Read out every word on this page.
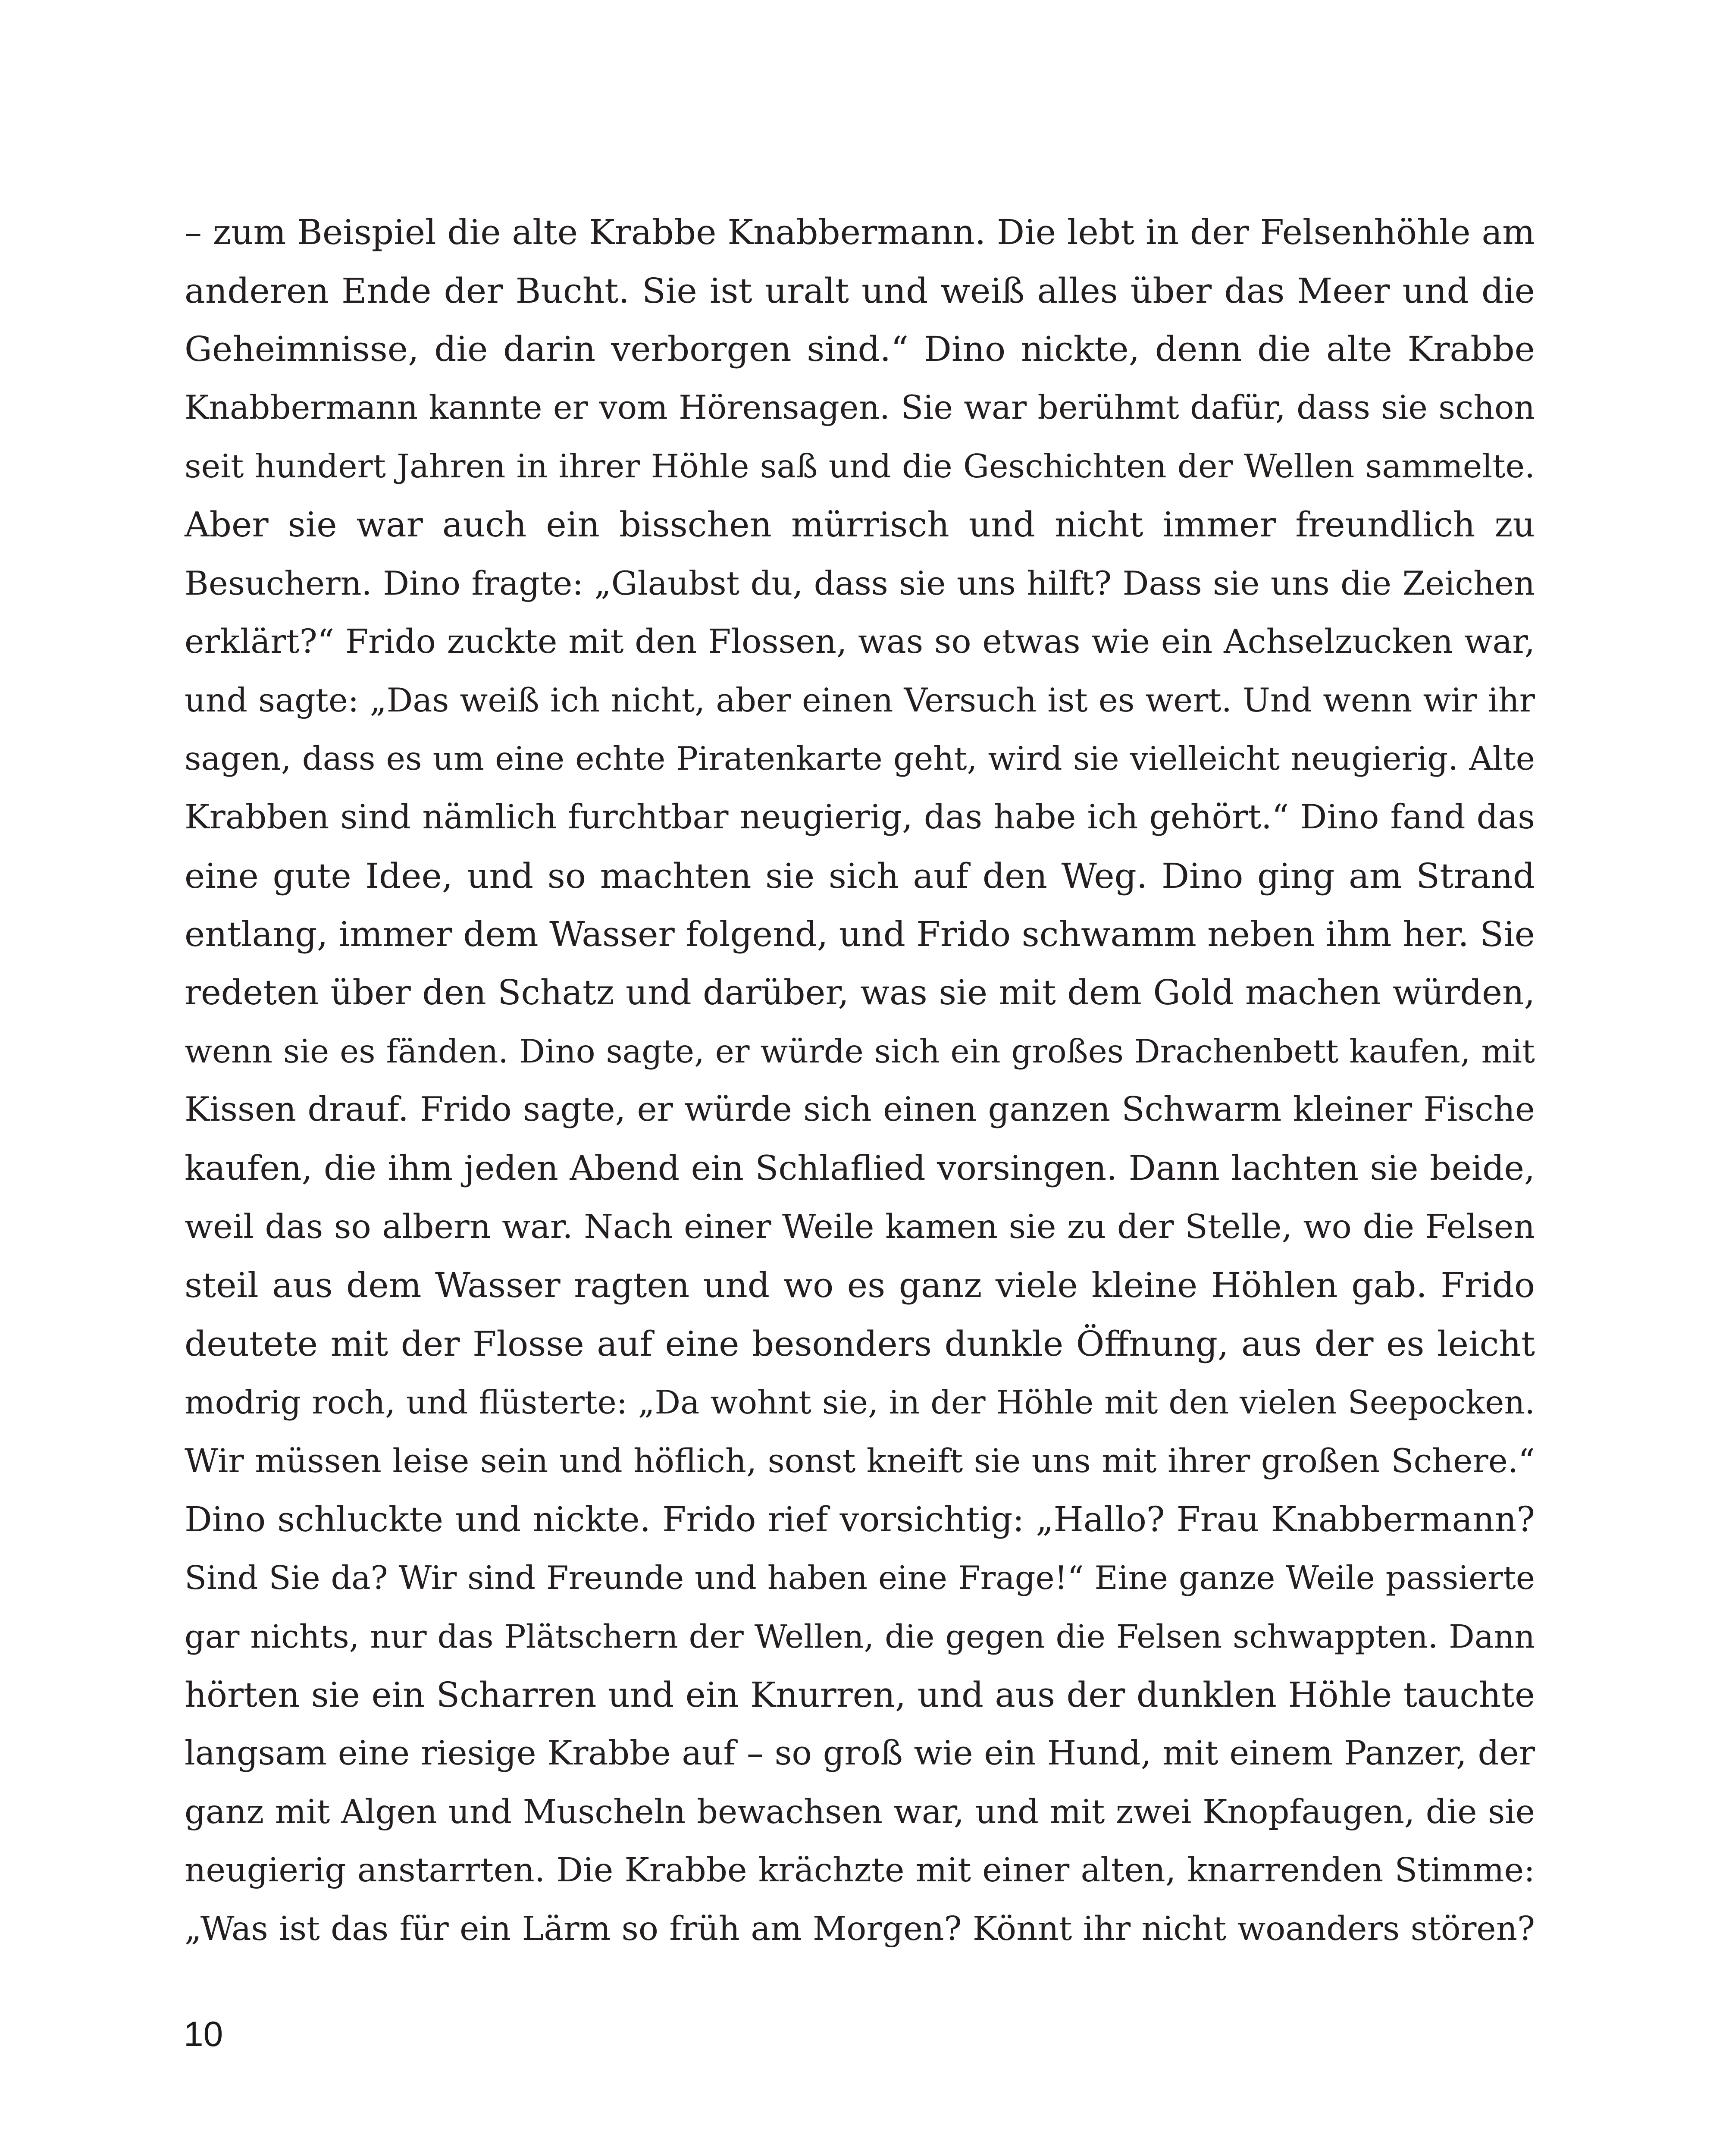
– zum Beispiel die alte Krabbe Knabbermann. Die lebt in der Felsenhöhle am
anderen Ende der Bucht. Sie ist uralt und weiß alles über das Meer und die
Geheimnisse, die darin verborgen sind.“ Dino nickte, denn die alte Krabbe
Knabbermann kannte er vom Hörensagen. Sie war berühmt dafür, dass sie schon
seit hundert Jahren in ihrer Höhle saß und die Geschichten der Wellen sammelte.
Aber sie war auch ein bisschen mürrisch und nicht immer freundlich zu
Besuchern. Dino fragte: „Glaubst du, dass sie uns hilft? Dass sie uns die Zeichen
erklärt?“ Frido zuckte mit den Flossen, was so etwas wie ein Achselzucken war,
und sagte: „Das weiß ich nicht, aber einen Versuch ist es wert. Und wenn wir ihr
sagen, dass es um eine echte Piratenkarte geht, wird sie vielleicht neugierig. Alte
Krabben sind nämlich furchtbar neugierig, das habe ich gehört.“ Dino fand das
eine gute Idee, und so machten sie sich auf den Weg. Dino ging am Strand
entlang, immer dem Wasser folgend, und Frido schwamm neben ihm her. Sie
redeten über den Schatz und darüber, was sie mit dem Gold machen würden,
wenn sie es fänden. Dino sagte, er würde sich ein großes Drachenbett kaufen, mit
Kissen drauf. Frido sagte, er würde sich einen ganzen Schwarm kleiner Fische
kaufen, die ihm jeden Abend ein Schlaflied vorsingen. Dann lachten sie beide,
weil das so albern war. Nach einer Weile kamen sie zu der Stelle, wo die Felsen
steil aus dem Wasser ragten und wo es ganz viele kleine Höhlen gab. Frido
deutete mit der Flosse auf eine besonders dunkle Öffnung, aus der es leicht
modrig roch, und flüsterte: „Da wohnt sie, in der Höhle mit den vielen Seepocken.
Wir müssen leise sein und höflich, sonst kneift sie uns mit ihrer großen Schere.“
Dino schluckte und nickte. Frido rief vorsichtig: „Hallo? Frau Knabbermann?
Sind Sie da? Wir sind Freunde und haben eine Frage!“ Eine ganze Weile passierte
gar nichts, nur das Plätschern der Wellen, die gegen die Felsen schwappten. Dann
hörten sie ein Scharren und ein Knurren, und aus der dunklen Höhle tauchte
langsam eine riesige Krabbe auf – so groß wie ein Hund, mit einem Panzer, der
ganz mit Algen und Muscheln bewachsen war, und mit zwei Knopfaugen, die sie
neugierig anstarrten. Die Krabbe krächzte mit einer alten, knarrenden Stimme:
„Was ist das für ein Lärm so früh am Morgen? Könnt ihr nicht woanders stören?
10
